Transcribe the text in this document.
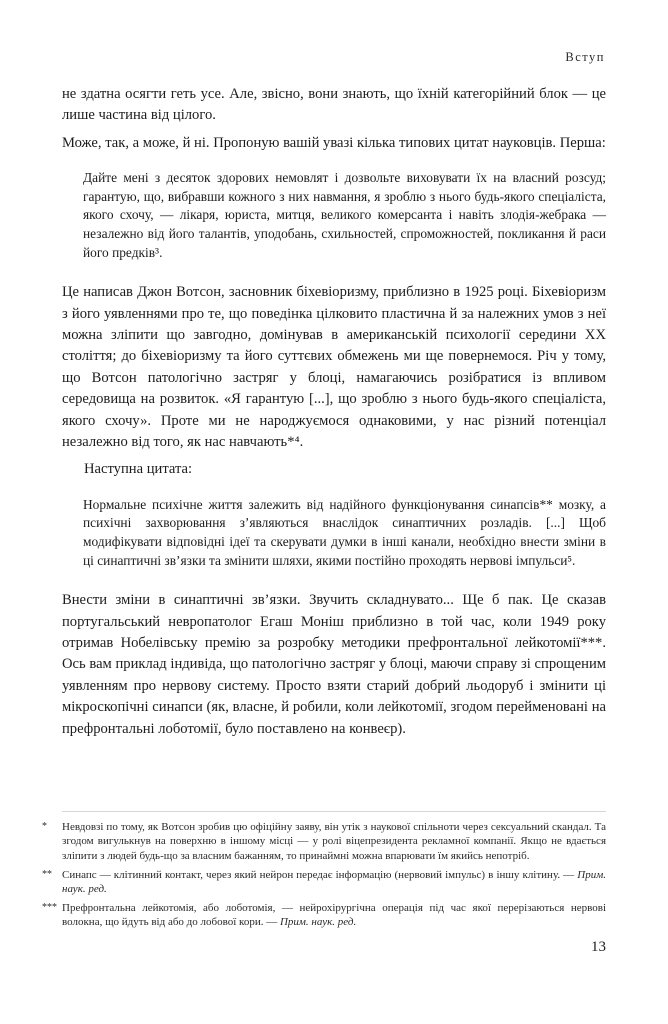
Вступ

не здатна осягти геть усе. Але, звісно, вони знають, що їхній категорійний блок — це лише частина від цілого.

Може, так, а може, й ні. Пропоную вашій увазі кілька типових цитат науковців. Перша:

Дайте мені з десяток здорових немовлят і дозвольте виховувати їх на власний розсуд; гарантую, що, вибравши кожного з них навмання, я зроблю з нього будь-якого спеціаліста, якого схочу, — лікаря, юриста, митця, великого комерсанта і навіть злодія-жебрака — незалежно від його талантів, уподобань, схильностей, спроможностей, покликання й раси його предків³.

Це написав Джон Вотсон, засновник біхевіоризму, приблизно в 1925 році. Біхевіоризм з його уявленнями про те, що поведінка цілковито пластична й за належних умов з неї можна зліпити що завгодно, домінував в американській психології середини XX століття; до біхевіоризму та його суттєвих обмежень ми ще повернемося. Річ у тому, що Вотсон патологічно застряг у блоці, намагаючись розібратися із впливом середовища на розвиток. «Я гарантую [...], що зроблю з нього будь-якого спеціаліста, якого схочу». Проте ми не народжуємося однаковими, у нас різний потенціал незалежно від того, як нас навчають*⁴.

Наступна цитата:

Нормальне психічне життя залежить від надійного функціонування синапсів** мозку, а психічні захворювання з’являються внаслідок синаптичних розладів. [...] Щоб модифікувати відповідні ідеї та скерувати думки в інші канали, необхідно внести зміни в ці синаптичні зв’язки та змінити шляхи, якими постійно проходять нервові імпульси⁵.

Внести зміни в синаптичні зв’язки. Звучить складнувато... Ще б пак. Це сказав португальський невропатолог Егаш Моніш приблизно в той час, коли 1949 року отримав Нобелівську премію за розробку методики префронтальної лейкотомії***. Ось вам приклад індивіда, що патологічно застряг у блоці, маючи справу зі спрощеним уявленням про нервову систему. Просто взяти старий добрий льодоруб і змінити ці мікроскопічні синапси (як, власне, й робили, коли лейкотомії, згодом перейменовані на префронтальні лоботомії, було поставлено на конвеєр).

*	Невдовзі по тому, як Вотсон зробив цю офіційну заяву, він утік з наукової спільноти через сексуальний скандал. Та згодом вигулькнув на поверхню в іншому місці — у ролі віцепрезидента рекламної компанії. Якщо не вдається зліпити з людей будь-що за власним бажанням, то принаймні можна впарювати їм якийсь непотріб.
** Синапс — клітинний контакт, через який нейрон передає інформацію (нервовий імпульс) в іншу клітину. — Прим. наук. ред.
*** Префронтальна лейкотомія, або лоботомія, — нейрохірургічна операція під час якої перерізаються нервові волокна, що йдуть від або до лобової кори. — Прим. наук. ред.
13
